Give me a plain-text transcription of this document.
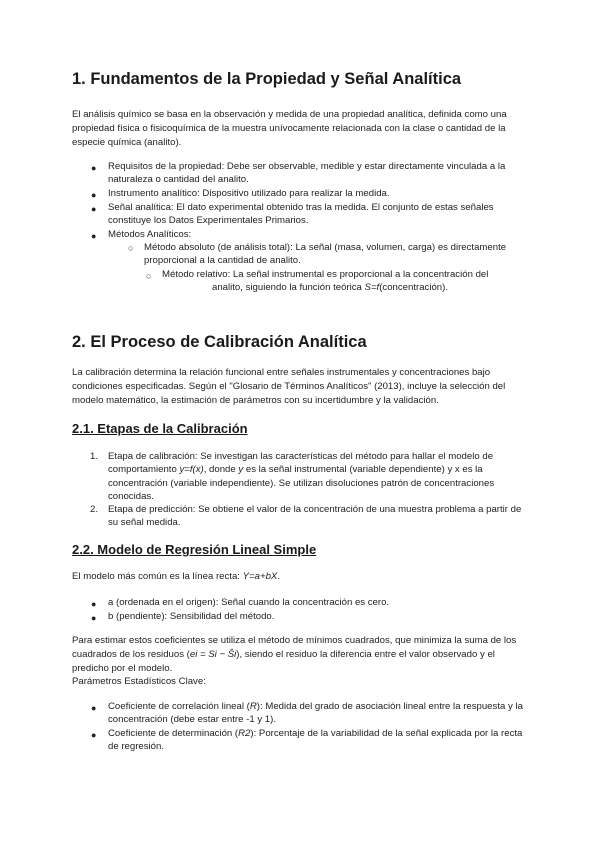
1. Fundamentos de la Propiedad y Señal Analítica
El análisis químico se basa en la observación y medida de una propiedad analítica, definida como una propiedad física o fisicoquímica de la muestra unívocamente relacionada con la clase o cantidad de la especie química (analito).
● Requisitos de la propiedad: Debe ser observable, medible y estar directamente vinculada a la naturaleza o cantidad del analito.
● Instrumento analítico: Dispositivo utilizado para realizar la medida.
● Señal analítica: El dato experimental obtenido tras la medida. El conjunto de estas señales constituye los Datos Experimentales Primarios.
● Métodos Analíticos:
○ Método absoluto (de análisis total): La señal (masa, volumen, carga) es directamente proporcional a la cantidad de analito.
○ Método relativo: La señal instrumental es proporcional a la concentración del
analito, siguiendo la función teórica S=f(concentración).
2. El Proceso de Calibración Analítica
La calibración determina la relación funcional entre señales instrumentales y concentraciones bajo condiciones especificadas. Según el "Glosario de Términos Analíticos" (2013), incluye la selección del modelo matemático, la estimación de parámetros con su incertidumbre y la validación.
2.1. Etapas de la Calibración
1. Etapa de calibración: Se investigan las características del método para hallar el modelo de comportamiento y=f(x), donde y es la señal instrumental (variable dependiente) y x es la concentración (variable independiente). Se utilizan disoluciones patrón de concentraciones conocidas.
2. Etapa de predicción: Se obtiene el valor de la concentración de una muestra problema a partir de su señal medida.
2.2. Modelo de Regresión Lineal Simple
El modelo más común es la línea recta: Y=a+bX.
● a (ordenada en el origen): Señal cuando la concentración es cero.
● b (pendiente): Sensibilidad del método.
Para estimar estos coeficientes se utiliza el método de mínimos cuadrados, que minimiza la suma de los cuadrados de los residuos (ei = Si − Ŝi), siendo el residuo la diferencia entre el valor observado y el predicho por el modelo.
Parámetros Estadísticos Clave:
● Coeficiente de correlación lineal (R): Medida del grado de asociación lineal entre la respuesta y la concentración (debe estar entre -1 y 1).
● Coeficiente de determinación (R2): Porcentaje de la variabilidad de la señal explicada por la recta de regresión.
